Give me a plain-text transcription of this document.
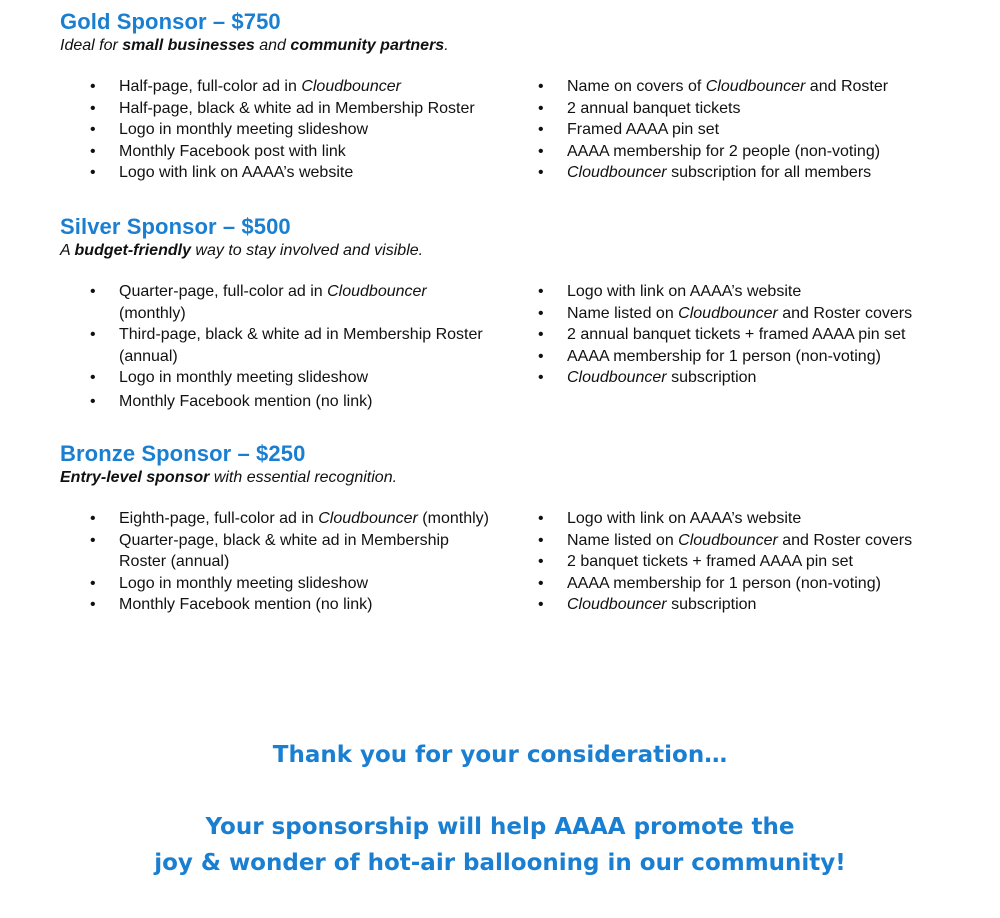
Gold Sponsor – $750

Ideal for small businesses and community partners.

• Half-page, full-color ad in Cloudbouncer
• Half-page, black & white ad in Membership Roster
• Logo in monthly meeting slideshow
• Monthly Facebook post with link
• Logo with link on AAAA’s website
• Name on covers of Cloudbouncer and Roster
• 2 annual banquet tickets
• Framed AAAA pin set
• AAAA membership for 2 people (non-voting)
• Cloudbouncer subscription for all members
Silver Sponsor – $500

A budget-friendly way to stay involved and visible.

• Quarter-page, full-color ad in Cloudbouncer (monthly)
• Third-page, black & white ad in Membership Roster (annual)
• Logo in monthly meeting slideshow
• Monthly Facebook mention (no link)
• Logo with link on AAAA’s website
• Name listed on Cloudbouncer and Roster covers
• 2 annual banquet tickets + framed AAAA pin set
• AAAA membership for 1 person (non-voting)
• Cloudbouncer subscription
Bronze Sponsor – $250

Entry-level sponsor with essential recognition.

• Eighth-page, full-color ad in Cloudbouncer (monthly)
• Quarter-page, black & white ad in Membership Roster (annual)
• Logo in monthly meeting slideshow
• Monthly Facebook mention (no link)
• Logo with link on AAAA’s website
• Name listed on Cloudbouncer and Roster covers
• 2 banquet tickets + framed AAAA pin set
• AAAA membership for 1 person (non-voting)
• Cloudbouncer subscription

Thank you for your consideration…

Your sponsorship will help AAAA promote the

joy & wonder of hot-air ballooning in our community!
